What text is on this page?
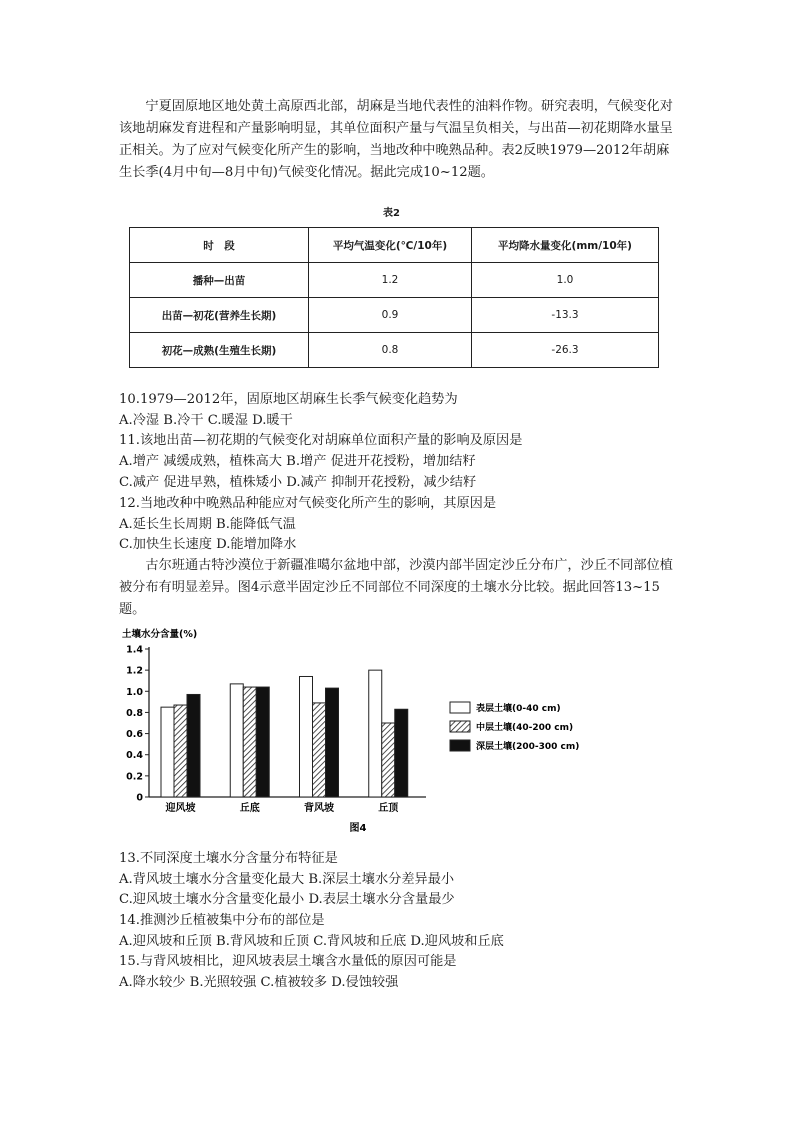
宁夏固原地区地处黄土高原西北部，胡麻是当地代表性的油料作物。研究表明，气候变化对该地胡麻发育进程和产量影响明显，其单位面积产量与气温呈负相关，与出苗—初花期降水量呈正相关。为了应对气候变化所产生的影响，当地改种中晚熟品种。表2反映1979—2012年胡麻生长季(4月中旬—8月中旬)气候变化情况。据此完成10~12题。
表2
时　段	平均气温变化(℃/10年)	平均降水量变化(mm/10年)
播种—出苗	1.2	1.0
出苗—初花(营养生长期)	0.9	-13.3
初花—成熟(生殖生长期)	0.8	-26.3
10.1979—2012年，固原地区胡麻生长季气候变化趋势为
A.冷湿 B.冷干 C.暖湿 D.暖干
11.该地出苗—初花期的气候变化对胡麻单位面积产量的影响及原因是
A.增产 减缓成熟，植株高大 B.增产 促进开花授粉，增加结籽
C.减产 促进早熟，植株矮小 D.减产 抑制开花授粉，减少结籽
12.当地改种中晚熟品种能应对气候变化所产生的影响，其原因是
A.延长生长周期 B.能降低气温
C.加快生长速度 D.能增加降水
古尔班通古特沙漠位于新疆准噶尔盆地中部，沙漠内部半固定沙丘分布广，沙丘不同部位植被分布有明显差异。图4示意半固定沙丘不同部位不同深度的土壤水分比较。据此回答13~15题。
土壤水分含量(%)
0
0.2
0.4
0.6
0.8
1.0
1.2
1.4
迎风坡	丘底	背风坡	丘顶
表层土壤(0-40 cm)
中层土壤(40-200 cm)
深层土壤(200-300 cm)
图4
13.不同深度土壤水分含量分布特征是
A.背风坡土壤水分含量变化最大 B.深层土壤水分差异最小
C.迎风坡土壤水分含量变化最小 D.表层土壤水分含量最少
14.推测沙丘植被集中分布的部位是
A.迎风坡和丘顶 B.背风坡和丘顶 C.背风坡和丘底 D.迎风坡和丘底
15.与背风坡相比，迎风坡表层土壤含水量低的原因可能是
A.降水较少 B.光照较强 C.植被较多 D.侵蚀较强
